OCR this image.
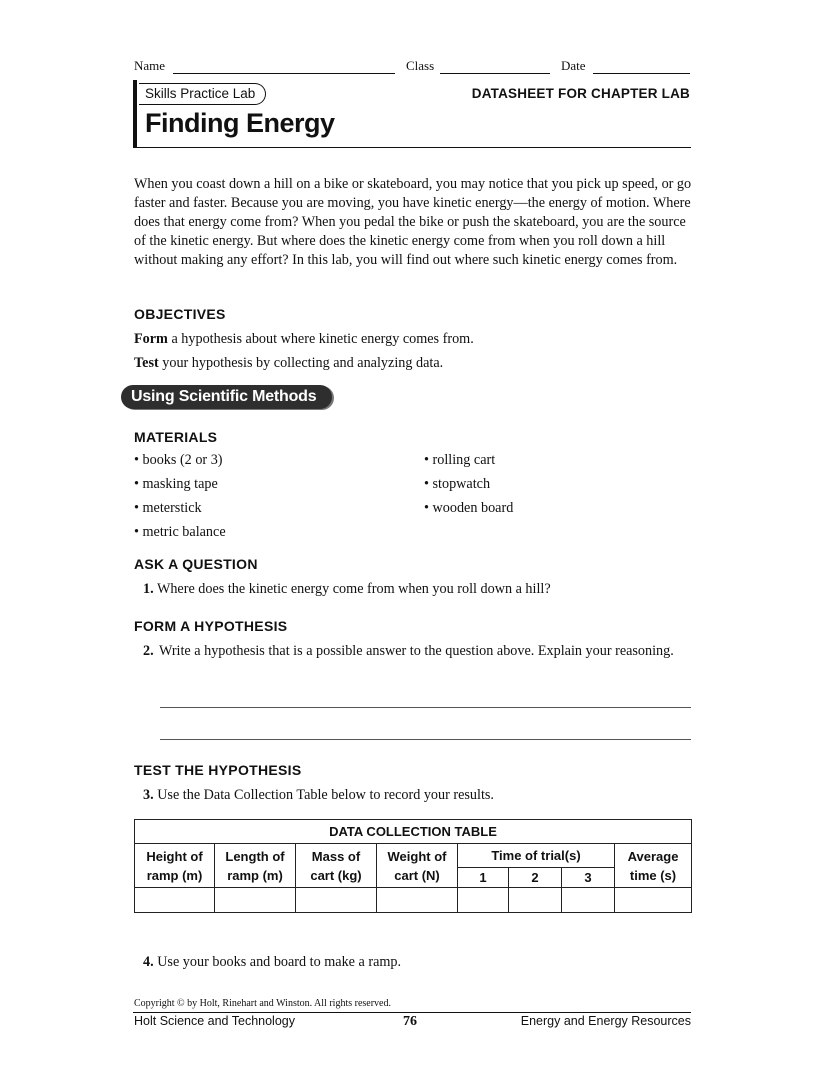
Name	Class	Date
Skills Practice Lab	DATASHEET FOR CHAPTER LAB
Finding Energy

When you coast down a hill on a bike or skateboard, you may notice that you pick up speed, or go faster and faster. Because you are moving, you have kinetic energy—the energy of motion. Where does that energy come from? When you pedal the bike or push the skateboard, you are the source of the kinetic energy. But where does the kinetic energy come from when you roll down a hill without making any effort? In this lab, you will find out where such kinetic energy comes from.

OBJECTIVES
Form a hypothesis about where kinetic energy comes from.
Test your hypothesis by collecting and analyzing data.
Using Scientific Methods
MATERIALS
• books (2 or 3)
• masking tape
• meterstick
• metric balance
• rolling cart
• stopwatch
• wooden board
ASK A QUESTION
1. Where does the kinetic energy come from when you roll down a hill?
FORM A HYPOTHESIS
2. Write a hypothesis that is a possible answer to the question above. Explain your reasoning.
TEST THE HYPOTHESIS
3. Use the Data Collection Table below to record your results.
DATA COLLECTION TABLE							
Height of ramp (m)	Length of ramp (m)	Mass of cart (kg)	Weight of cart (N)	Time of trial(s)			Average time (s)
				1	2	3	

4. Use your books and board to make a ramp.
Copyright © by Holt, Rinehart and Winston. All rights reserved.
Holt Science and Technology	76	Energy and Energy Resources
